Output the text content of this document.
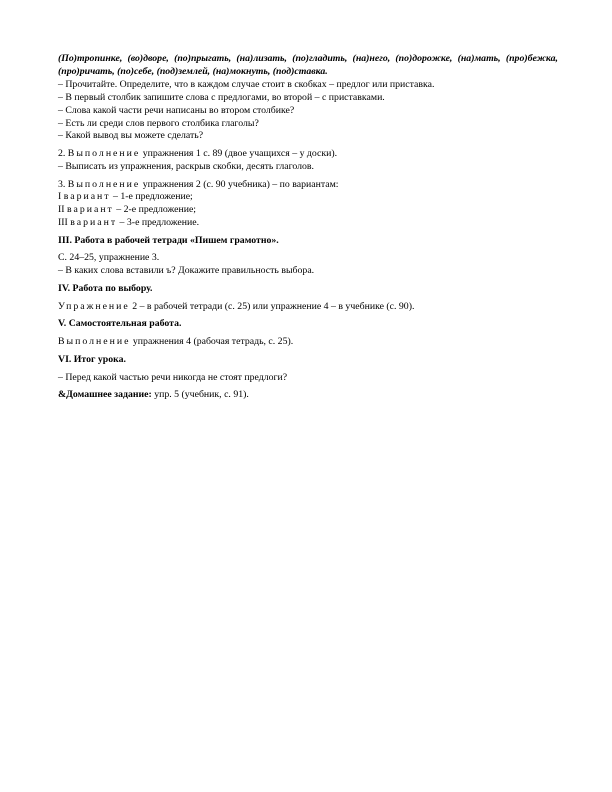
(По)тропинке, (во)дворе, (по)прыгать, (на)лизать, (по)гладить, (на)него, (по)дорожке, (на)мать, (про)бежка, (про)ричать, (по)себе, (под)землей, (на)мокнуть, (под)ставка.

– Прочитайте. Определите, что в каждом случае стоит в скобках – предлог или приставка.

– В первый столбик запишите слова с предлогами, во второй – с приставками.

– Слова какой части речи написаны во втором столбике?

– Есть ли среди слов первого столбика глаголы?

– Какой вывод вы можете сделать?

2. Выполнение упражнения 1 с. 89 (двое учащихся – у доски).

– Выписать из упражнения, раскрыв скобки, десять глаголов.

3. Выполнение упражнения 2 (с. 90 учебника) – по вариантам:

I вариант – 1-е предложение;

II вариант – 2-е предложение;

III вариант – 3-е предложение.

III. Работа в рабочей тетради «Пишем грамотно».

С. 24–25, упражнение 3.

– В каких слова вставили ъ? Докажите правильность выбора.

IV. Работа по выбору.

Упражнение 2 – в рабочей тетради (с. 25) или упражнение 4 – в учебнике (с. 90).

V. Самостоятельная работа.

Выполнение упражнения 4 (рабочая тетрадь, с. 25).

VI. Итог урока.

– Перед какой частью речи никогда не стоят предлоги?

&Домашнее задание: упр. 5 (учебник, с. 91).
